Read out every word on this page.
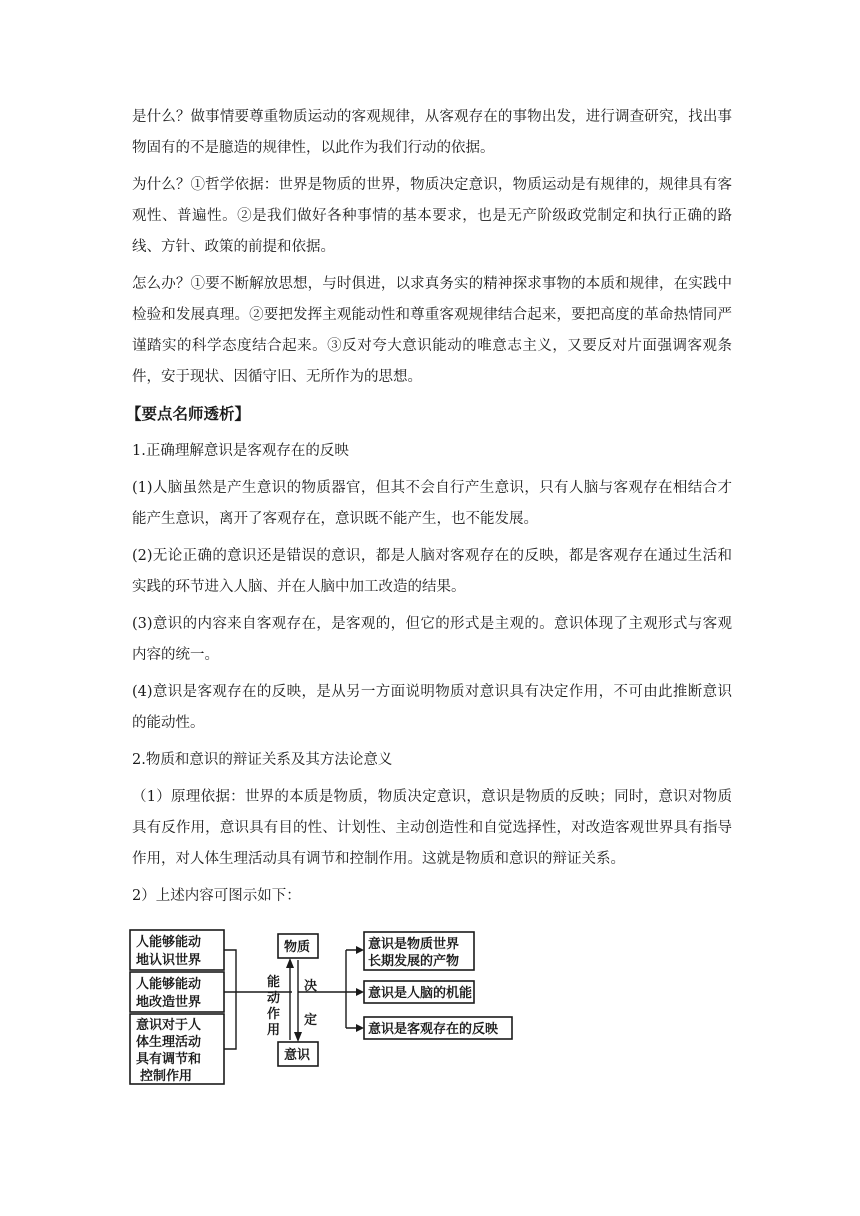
是什么？做事情要尊重物质运动的客观规律，从客观存在的事物出发，进行调查研究，找出事物固有的不是臆造的规律性，以此作为我们行动的依据。

为什么？①哲学依据：世界是物质的世界，物质决定意识，物质运动是有规律的，规律具有客观性、普遍性。②是我们做好各种事情的基本要求，也是无产阶级政党制定和执行正确的路线、方针、政策的前提和依据。

怎么办？①要不断解放思想，与时俱进，以求真务实的精神探求事物的本质和规律，在实践中检验和发展真理。②要把发挥主观能动性和尊重客观规律结合起来，要把高度的革命热情同严谨踏实的科学态度结合起来。③反对夸大意识能动的唯意志主义，又要反对片面强调客观条件，安于现状、因循守旧、无所作为的思想。

【要点名师透析】

1.正确理解意识是客观存在的反映

(1)人脑虽然是产生意识的物质器官，但其不会自行产生意识，只有人脑与客观存在相结合才能产生意识，离开了客观存在，意识既不能产生，也不能发展。

(2)无论正确的意识还是错误的意识，都是人脑对客观存在的反映，都是客观存在通过生活和实践的环节进入人脑、并在人脑中加工改造的结果。

(3)意识的内容来自客观存在，是客观的，但它的形式是主观的。意识体现了主观形式与客观内容的统一。

(4)意识是客观存在的反映，是从另一方面说明物质对意识具有决定作用，不可由此推断意识的能动性。

2.物质和意识的辩证关系及其方法论意义

（1）原理依据：世界的本质是物质，物质决定意识，意识是物质的反映；同时，意识对物质具有反作用，意识具有目的性、计划性、主动创造性和自觉选择性，对改造客观世界具有指导作用，对人体生理活动具有调节和控制作用。这就是物质和意识的辩证关系。

2）上述内容可图示如下：

人能够能动
地认识世界
人能够能动
地改造世界
意识对于人
体生理活动
具有调节和
控制作用
物质
意识
能
动
作
用
决
定
意识是物质世界
长期发展的产物
意识是人脑的机能
意识是客观存在的反映
